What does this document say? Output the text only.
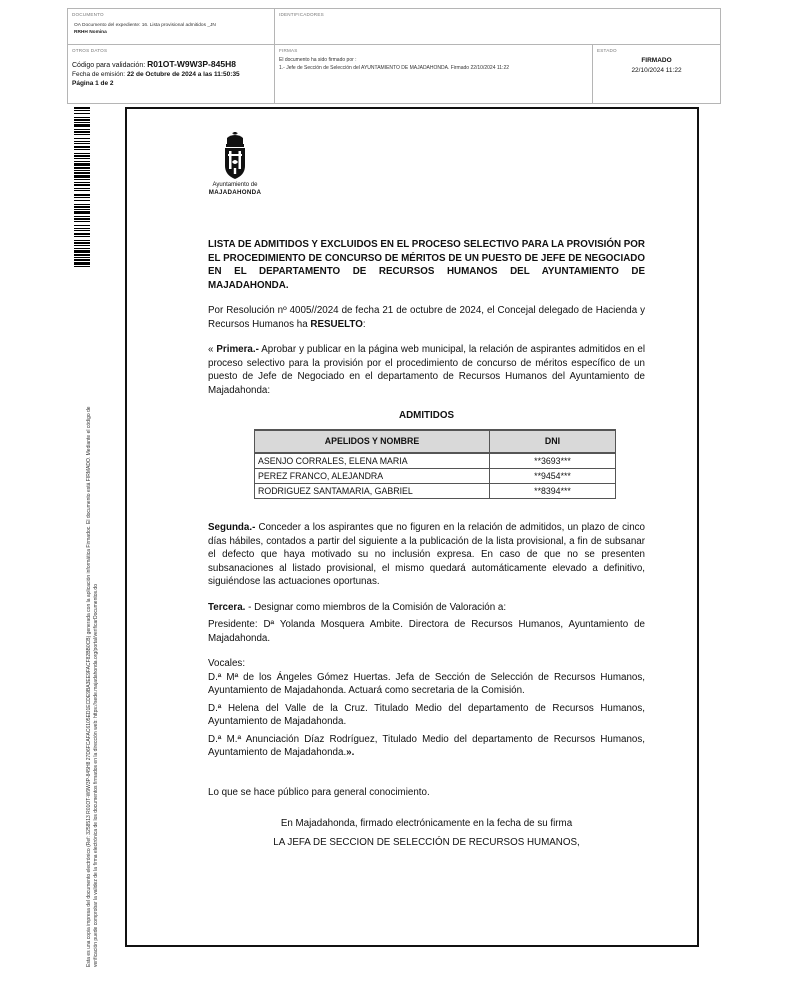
DOCUMENTO
OA Documento del expediente: 16. Lista provisional admitidos _JN
RRHH Nomina
IDENTIFICADORES
OTROS DATOS
Código para validación: R01OT-W9W3P-845H8
Fecha de emisión: 22 de Octubre de 2024 a las 11:50:35
Página 1 de 2
FIRMAS
El documento ha sido firmado por :
1.- Jefe de Sección de Selección del AYUNTAMIENTO DE MAJADAHONDA. Firmado 22/10/2024 11:22
ESTADO
FIRMADO
22/10/2024 11:22
Esta es una copia impresa del documento electrónico (Ref: 3258513 R01OT-W9W3P-845H8 27D6FCAFAC6105ED1ECDE9BA3EE9FACF82BB0CB) generada con la aplicación informática Firmadoc. El documento está FIRMADO. Mediante el código de verificación puede comprobar la validez de la firma electrónica de los documentos firmados en la dirección web: https://sede.majadahonda.org/portal/verificarDocumentos.do
Ayuntamiento de
MAJADAHONDA
LISTA DE ADMITIDOS Y EXCLUIDOS EN EL PROCESO SELECTIVO PARA LA PROVISIÓN POR EL PROCEDIMIENTO DE CONCURSO DE MÉRITOS DE UN PUESTO DE JEFE DE NEGOCIADO EN EL DEPARTAMENTO DE RECURSOS HUMANOS DEL AYUNTAMIENTO DE MAJADAHONDA.
Por Resolución nº 4005//2024 de fecha 21 de octubre de 2024, el Concejal delegado de Hacienda y Recursos Humanos ha RESUELTO:
« Primera.- Aprobar y publicar en la página web municipal, la relación de aspirantes admitidos en el proceso selectivo para la provisión por el procedimiento de concurso de méritos específico de un puesto de Jefe de Negociado en el departamento de Recursos Humanos del Ayuntamiento de Majadahonda:
ADMITIDOS
APELIDOS Y NOMBRE	DNI
ASENJO CORRALES, ELENA MARIA	**3693***
PEREZ FRANCO, ALEJANDRA	**9454***
RODRIGUEZ SANTAMARIA, GABRIEL	**8394***
Segunda.- Conceder a los aspirantes que no figuren en la relación de admitidos, un plazo de cinco días hábiles, contados a partir del siguiente a la publicación de la lista provisional, a fin de subsanar el defecto que haya motivado su no inclusión expresa. En caso de que no se presenten subsanaciones al listado provisional, el mismo quedará automáticamente elevado a definitivo, siguiéndose las actuaciones oportunas.
Tercera. - Designar como miembros de la Comisión de Valoración a:
Presidente: Dª Yolanda Mosquera Ambite. Directora de Recursos Humanos, Ayuntamiento de Majadahonda.
Vocales:
D.ª Mª de los Ángeles Gómez Huertas. Jefa de Sección de Selección de Recursos Humanos, Ayuntamiento de Majadahonda. Actuará como secretaria de la Comisión.
D.ª Helena del Valle de la Cruz. Titulado Medio del departamento de Recursos Humanos, Ayuntamiento de Majadahonda.
D.ª M.ª Anunciación Díaz Rodríguez, Titulado Medio del departamento de Recursos Humanos, Ayuntamiento de Majadahonda.».
Lo que se hace público para general conocimiento.
En Majadahonda, firmado electrónicamente en la fecha de su firma
LA JEFA DE SECCION DE SELECCIÓN DE RECURSOS HUMANOS,
